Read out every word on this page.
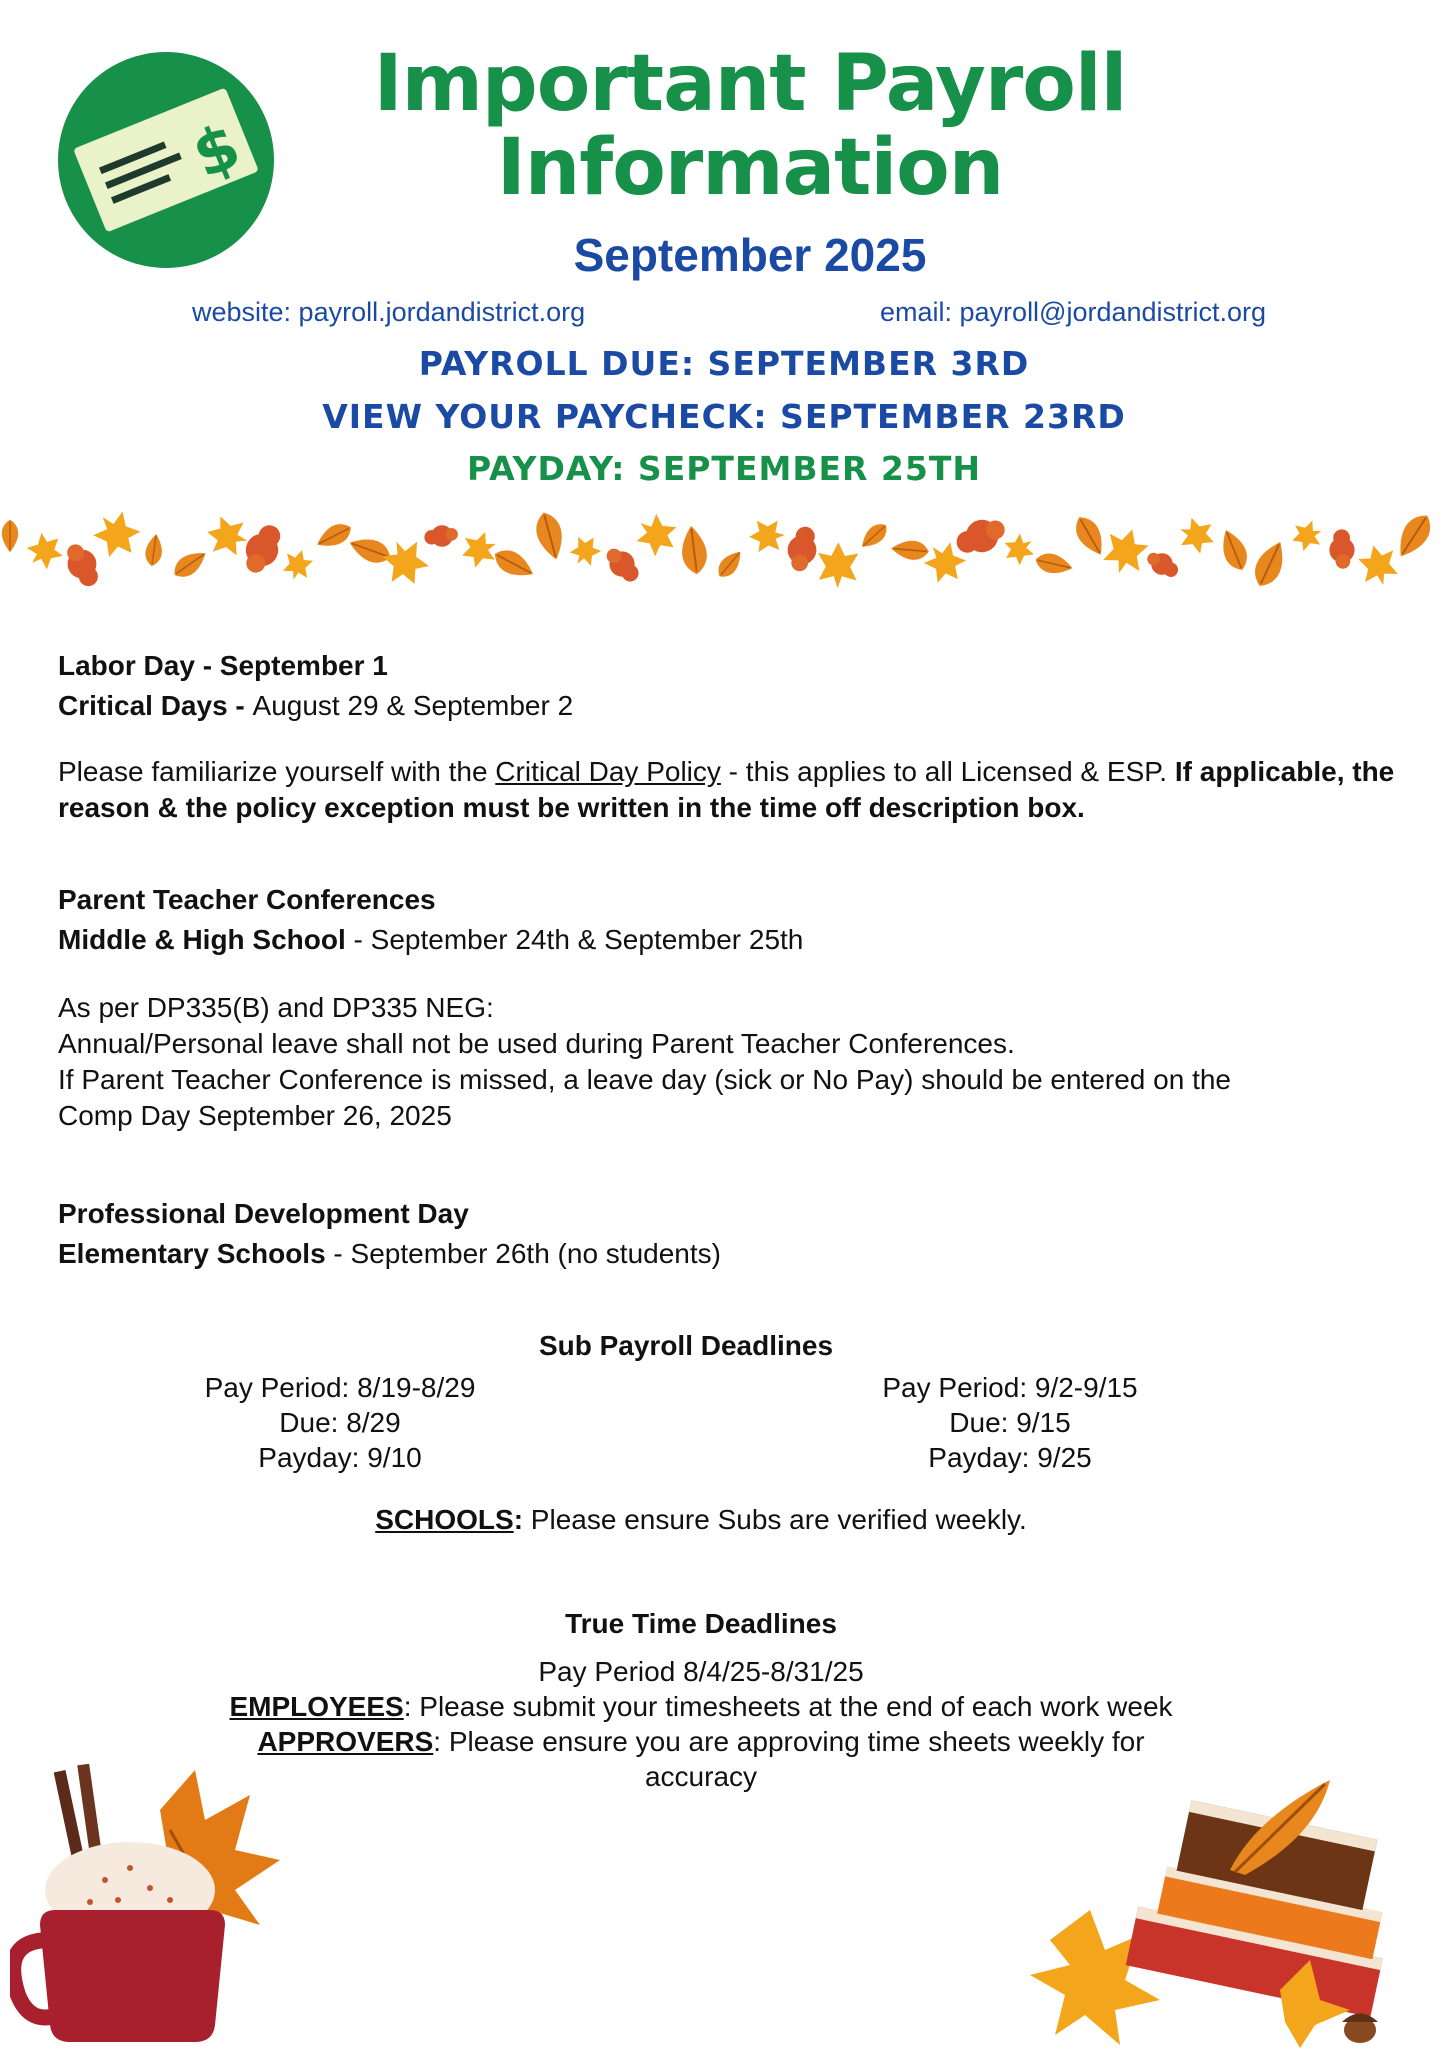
$
Important Payroll
Information
September 2025
website: payroll.jordandistrict.org	email: payroll@jordandistrict.org
PAYROLL DUE: SEPTEMBER 3RD
VIEW YOUR PAYCHECK: SEPTEMBER 23RD
PAYDAY: SEPTEMBER 25TH
Labor Day - September 1
Critical Days - August 29 & September 2
Please familiarize yourself with the Critical Day Policy - this applies to all Licensed & ESP. If applicable, the reason & the policy exception must be written in the time off description box.
Parent Teacher Conferences
Middle & High School - September 24th & September 25th
As per DP335(B) and DP335 NEG:
Annual/Personal leave shall not be used during Parent Teacher Conferences.
If Parent Teacher Conference is missed, a leave day (sick or No Pay) should be entered on the
Comp Day September 26, 2025
Professional Development Day
Elementary Schools - September 26th (no students)
Sub Payroll Deadlines
Pay Period: 8/19-8/29
Due: 8/29
Payday: 9/10
Pay Period: 9/2-9/15
Due: 9/15
Payday: 9/25
SCHOOLS: Please ensure Subs are verified weekly.
True Time Deadlines
Pay Period 8/4/25-8/31/25
EMPLOYEES: Please submit your timesheets at the end of each work week
APPROVERS: Please ensure you are approving time sheets weekly for
accuracy
